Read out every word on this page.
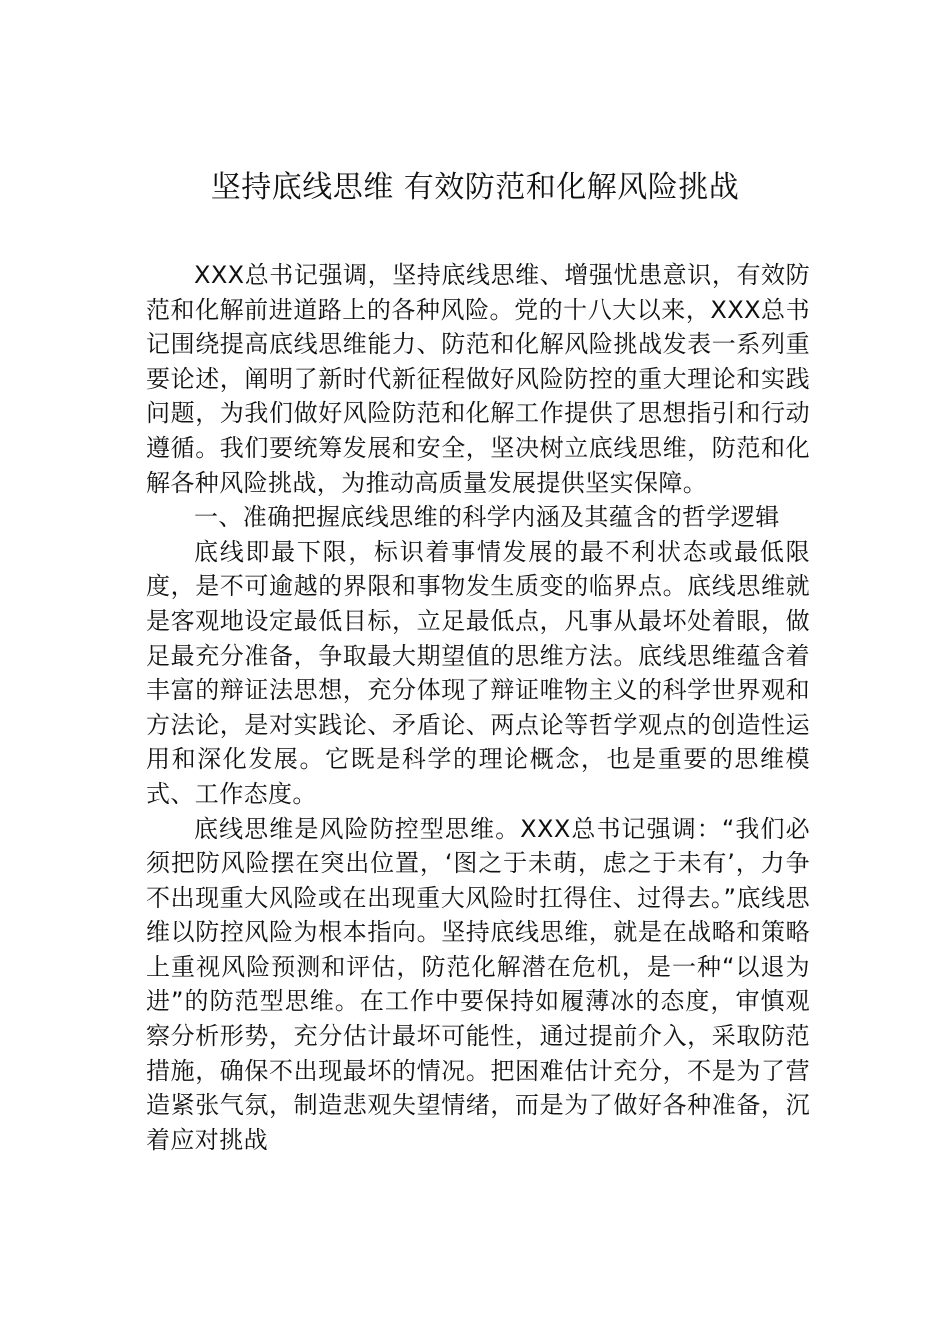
坚持底线思维 有效防范和化解风险挑战

XXX总书记强调，坚持底线思维、增强忧患意识，有效防范和化解前进道路上的各种风险。党的十八大以来，XXX总书记围绕提高底线思维能力、防范和化解风险挑战发表一系列重要论述，阐明了新时代新征程做好风险防控的重大理论和实践问题，为我们做好风险防范和化解工作提供了思想指引和行动遵循。我们要统筹发展和安全，坚决树立底线思维，防范和化解各种风险挑战，为推动高质量发展提供坚实保障。

一、准确把握底线思维的科学内涵及其蕴含的哲学逻辑

底线即最下限，标识着事情发展的最不利状态或最低限度，是不可逾越的界限和事物发生质变的临界点。底线思维就是客观地设定最低目标，立足最低点，凡事从最坏处着眼，做足最充分准备，争取最大期望值的思维方法。底线思维蕴含着丰富的辩证法思想，充分体现了辩证唯物主义的科学世界观和方法论，是对实践论、矛盾论、两点论等哲学观点的创造性运用和深化发展。它既是科学的理论概念，也是重要的思维模式、工作态度。

底线思维是风险防控型思维。XXX总书记强调：“我们必须把防风险摆在突出位置，‘图之于未萌，虑之于未有’，力争不出现重大风险或在出现重大风险时扛得住、过得去。”底线思维以防控风险为根本指向。坚持底线思维，就是在战略和策略上重视风险预测和评估，防范化解潜在危机，是一种“以退为进”的防范型思维。在工作中要保持如履薄冰的态度，审慎观察分析形势，充分估计最坏可能性，通过提前介入，采取防范措施，确保不出现最坏的情况。把困难估计充分，不是为了营造紧张气氛，制造悲观失望情绪，而是为了做好各种准备，沉着应对挑战
